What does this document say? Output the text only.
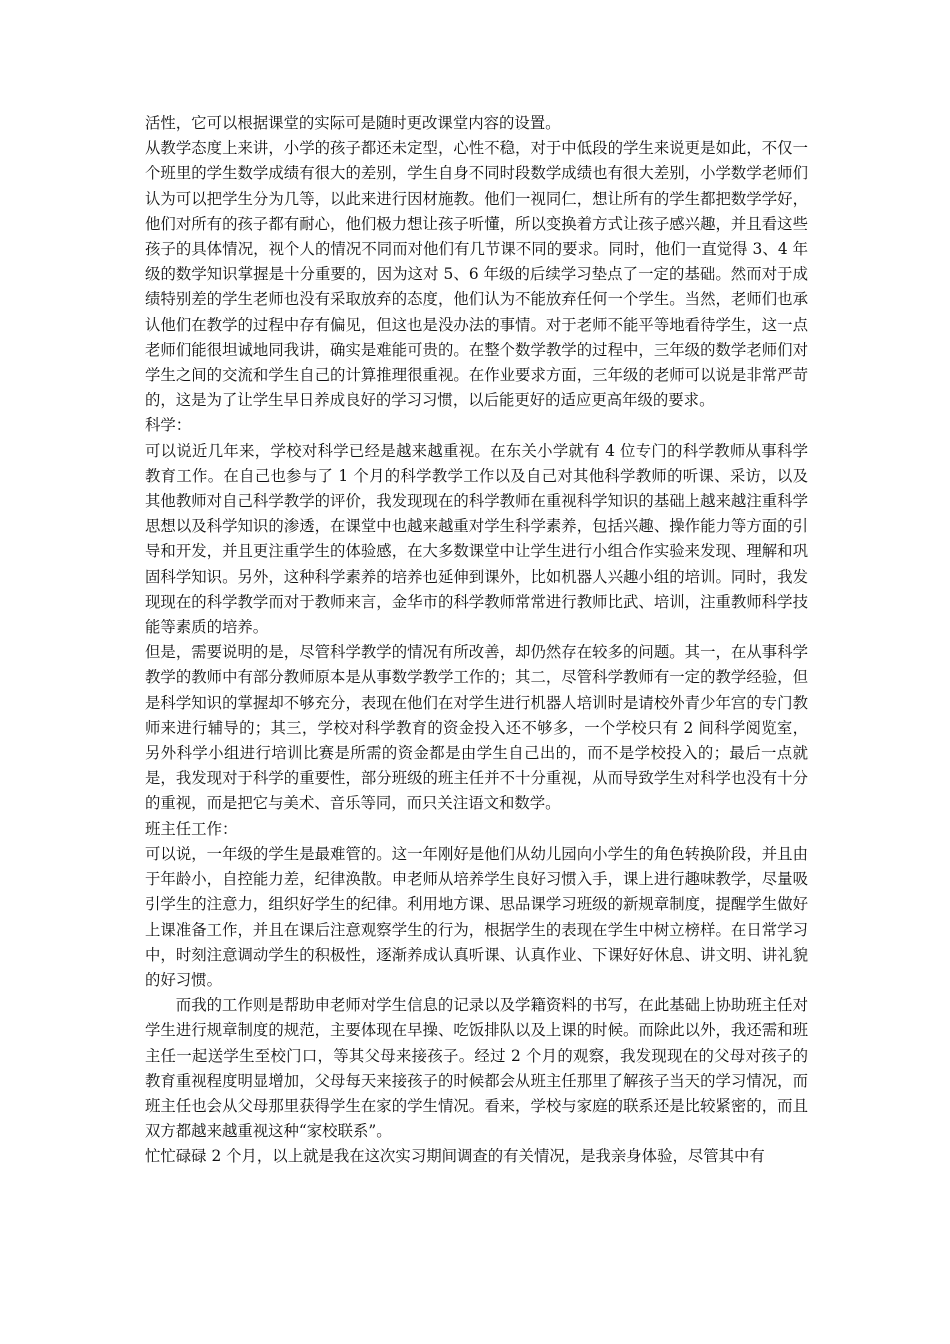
活性，它可以根据课堂的实际可是随时更改课堂内容的设置。

从教学态度上来讲，小学的孩子都还未定型，心性不稳，对于中低段的学生来说更是如此，不仅一个班里的学生数学成绩有很大的差别，学生自身不同时段数学成绩也有很大差别，小学数学老师们认为可以把学生分为几等，以此来进行因材施教。他们一视同仁，想让所有的学生都把数学学好，他们对所有的孩子都有耐心，他们极力想让孩子听懂，所以变换着方式让孩子感兴趣，并且看这些孩子的具体情况，视个人的情况不同而对他们有几节课不同的要求。同时，他们一直觉得 3、4 年级的数学知识掌握是十分重要的，因为这对 5、6 年级的后续学习垫点了一定的基础。然而对于成绩特别差的学生老师也没有采取放弃的态度，他们认为不能放弃任何一个学生。当然，老师们也承认他们在教学的过程中存有偏见，但这也是没办法的事情。对于老师不能平等地看待学生，这一点老师们能很坦诚地同我讲，确实是难能可贵的。在整个数学教学的过程中，三年级的数学老师们对学生之间的交流和学生自己的计算推理很重视。在作业要求方面，三年级的老师可以说是非常严苛的，这是为了让学生早日养成良好的学习习惯，以后能更好的适应更高年级的要求。

科学：

可以说近几年来，学校对科学已经是越来越重视。在东关小学就有 4 位专门的科学教师从事科学教育工作。在自己也参与了 1 个月的科学教学工作以及自己对其他科学教师的听课、采访，以及其他教师对自己科学教学的评价，我发现现在的科学教师在重视科学知识的基础上越来越注重科学思想以及科学知识的渗透，在课堂中也越来越重对学生科学素养，包括兴趣、操作能力等方面的引导和开发，并且更注重学生的体验感，在大多数课堂中让学生进行小组合作实验来发现、理解和巩固科学知识。另外，这种科学素养的培养也延伸到课外，比如机器人兴趣小组的培训。同时，我发现现在的科学教学而对于教师来言，金华市的科学教师常常进行教师比武、培训，注重教师科学技能等素质的培养。

但是，需要说明的是，尽管科学教学的情况有所改善，却仍然存在较多的问题。其一，在从事科学教学的教师中有部分教师原本是从事数学教学工作的；其二，尽管科学教师有一定的教学经验，但是科学知识的掌握却不够充分，表现在他们在对学生进行机器人培训时是请校外青少年宫的专门教师来进行辅导的；其三，学校对科学教育的资金投入还不够多，一个学校只有 2 间科学阅览室，另外科学小组进行培训比赛是所需的资金都是由学生自己出的，而不是学校投入的；最后一点就是，我发现对于科学的重要性，部分班级的班主任并不十分重视，从而导致学生对科学也没有十分的重视，而是把它与美术、音乐等同，而只关注语文和数学。

班主任工作：

可以说，一年级的学生是最难管的。这一年刚好是他们从幼儿园向小学生的角色转换阶段，并且由于年龄小，自控能力差，纪律涣散。申老师从培养学生良好习惯入手，课上进行趣味教学，尽量吸引学生的注意力，组织好学生的纪律。利用地方课、思品课学习班级的新规章制度，提醒学生做好上课准备工作，并且在课后注意观察学生的行为，根据学生的表现在学生中树立榜样。在日常学习中，时刻注意调动学生的积极性，逐渐养成认真听课、认真作业、下课好好休息、讲文明、讲礼貌的好习惯。

而我的工作则是帮助申老师对学生信息的记录以及学籍资料的书写，在此基础上协助班主任对学生进行规章制度的规范，主要体现在早操、吃饭排队以及上课的时候。而除此以外，我还需和班主任一起送学生至校门口，等其父母来接孩子。经过 2 个月的观察，我发现现在的父母对孩子的教育重视程度明显增加，父母每天来接孩子的时候都会从班主任那里了解孩子当天的学习情况，而班主任也会从父母那里获得学生在家的学生情况。看来，学校与家庭的联系还是比较紧密的，而且双方都越来越重视这种“家校联系”。

忙忙碌碌 2 个月，以上就是我在这次实习期间调查的有关情况，是我亲身体验，尽管其中有
